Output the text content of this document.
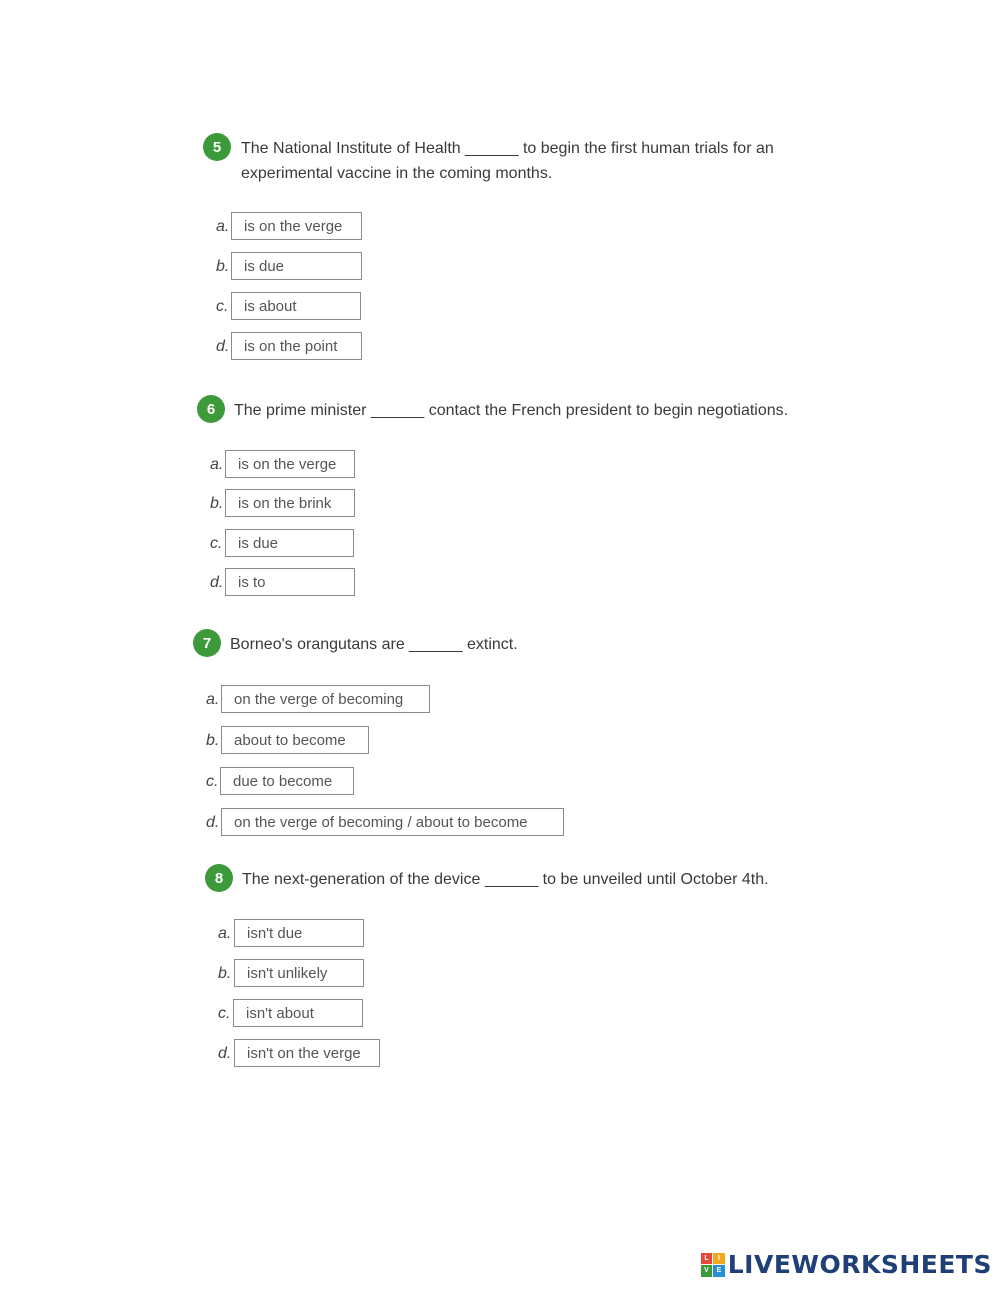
5	The National Institute of Health ______ to begin the first human trials for an
experimental vaccine in the coming months.
a. is on the verge
b. is due
c.	is about
d. is on the point
6	The prime minister ______ contact the French president to begin negotiations.
a. is on the verge
b. is on the brink
c.	is due
d. is to
7	Borneo's orangutans are ______ extinct.
a. on the verge of becoming
b. about to become
c. due to become
d. on the verge of becoming / about to become
8	The next-generation of the device ______ to be unveiled until October 4th.
a.	isn't due
b.	isn't unlikely
c.	isn't about
d.	isn't on the verge
L	I
V	E LIVEWORKSHEETS
